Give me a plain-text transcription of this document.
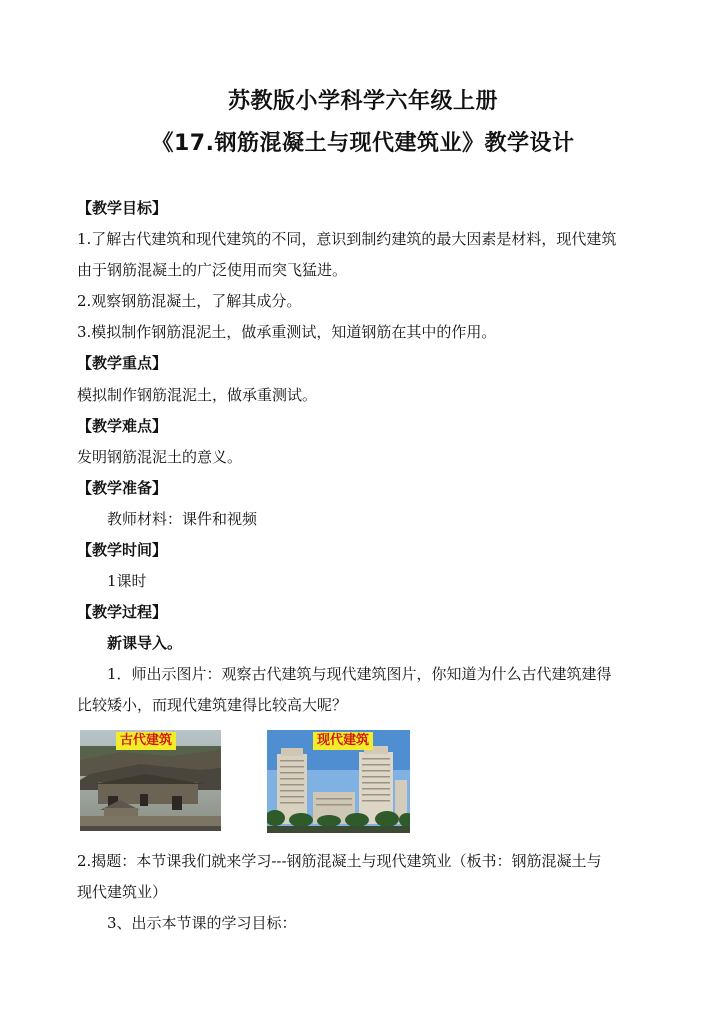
苏教版小学科学六年级上册
《17.钢筋混凝土与现代建筑业》教学设计
【教学目标】
1.了解古代建筑和现代建筑的不同，意识到制约建筑的最大因素是材料，现代建筑
由于钢筋混凝土的广泛使用而突飞猛进。
2.观察钢筋混凝土，了解其成分。
3.模拟制作钢筋混泥土，做承重测试，知道钢筋在其中的作用。
【教学重点】
模拟制作钢筋混泥土，做承重测试。
【教学难点】
发明钢筋混泥土的意义。
【教学准备】
教师材料：课件和视频
【教学时间】
1课时
【教学过程】
新课导入。
1．师出示图片：观察古代建筑与现代建筑图片，你知道为什么古代建筑建得
比较矮小，而现代建筑建得比较高大呢？
古代建筑	现代建筑
2.揭题：本节课我们就来学习---钢筋混凝土与现代建筑业（板书：钢筋混凝土与
现代建筑业）
3、出示本节课的学习目标：
